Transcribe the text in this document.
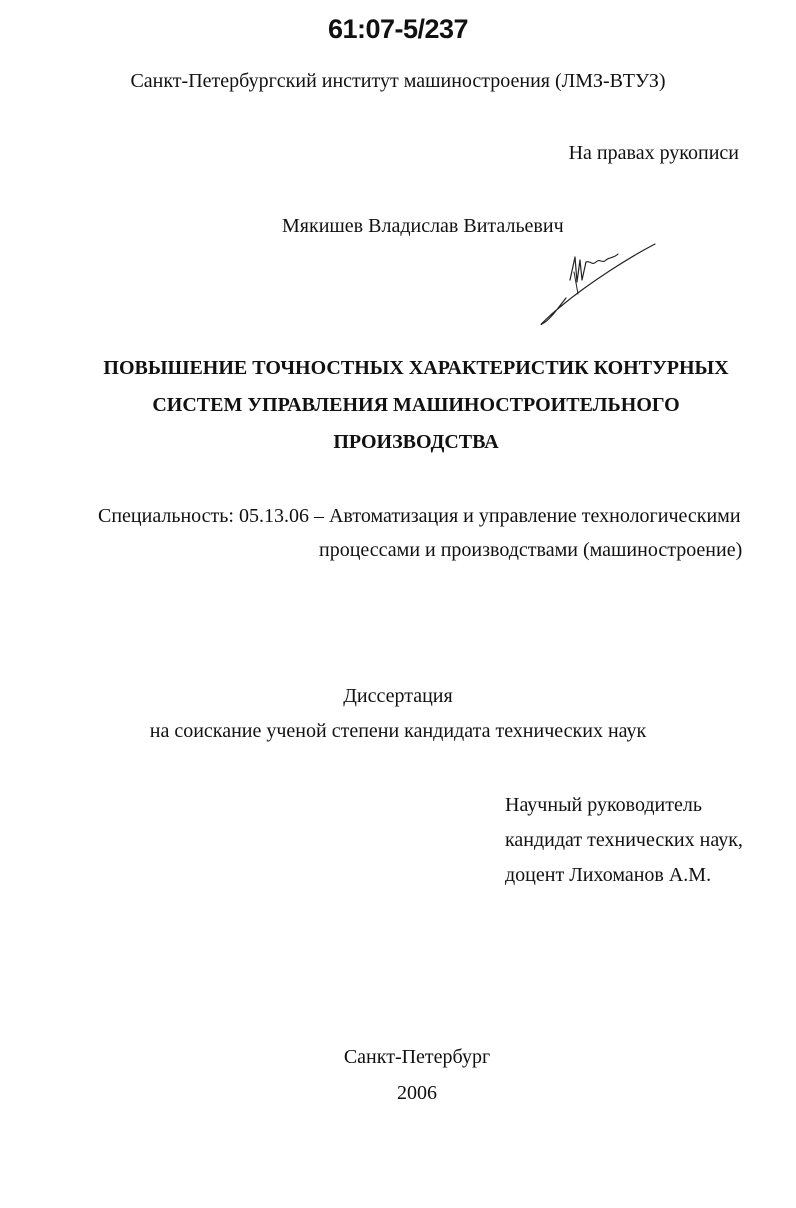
61:07-5/237
Санкт-Петербургский институт машиностроения (ЛМЗ-ВТУЗ)
На правах рукописи
Мякишев Владислав Витальевич
ПОВЫШЕНИЕ ТОЧНОСТНЫХ ХАРАКТЕРИСТИК КОНТУРНЫХ
СИСТЕМ УПРАВЛЕНИЯ МАШИНОСТРОИТЕЛЬНОГО
ПРОИЗВОДСТВА
Специальность: 05.13.06 – Автоматизация и управление технологическими
процессами и производствами (машиностроение)
Диссертация
на соискание ученой степени кандидата технических наук
Научный руководитель
кандидат технических наук,
доцент Лихоманов А.М.
Санкт-Петербург
2006
